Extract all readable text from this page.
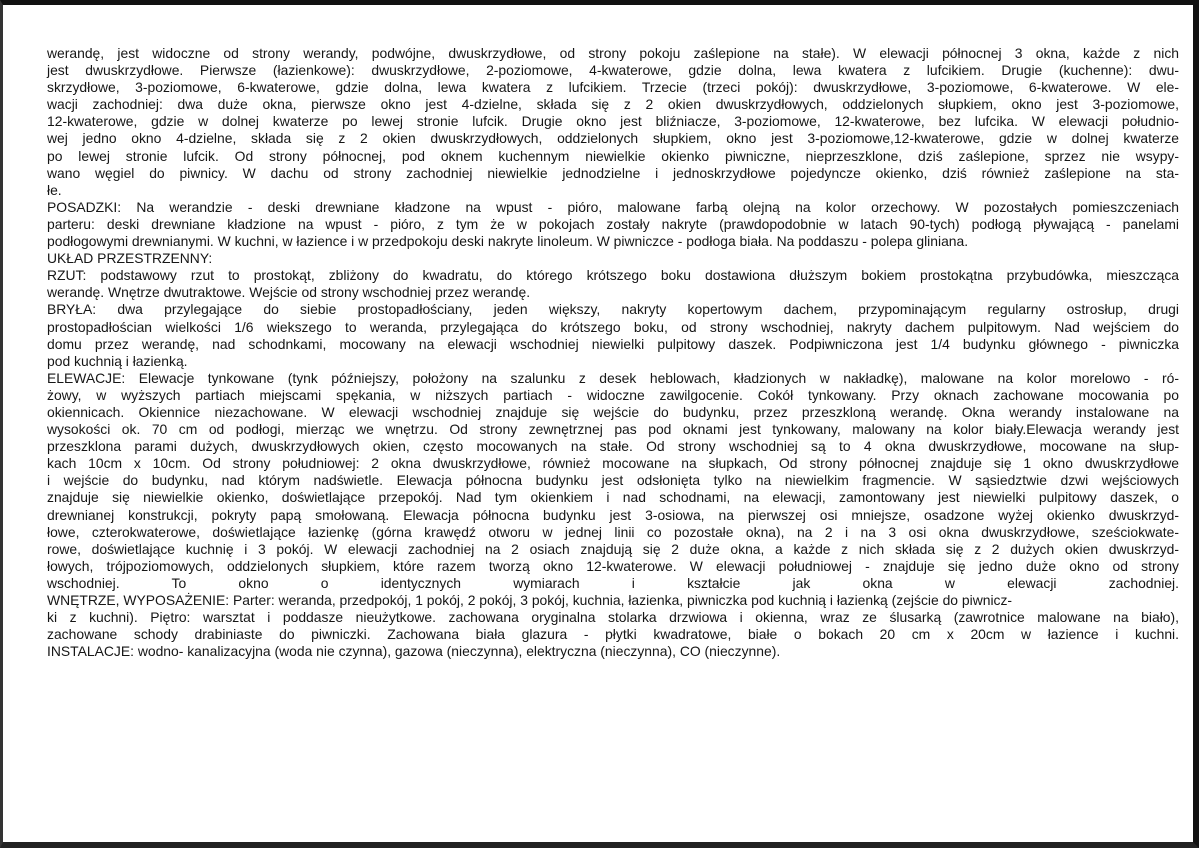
werandę, jest widoczne od strony werandy, podwójne, dwuskrzydłowe, od strony pokoju zaślepione na stałe). W elewacji północnej 3 okna, każde z nich
jest dwuskrzydłowe. Pierwsze (łazienkowe): dwuskrzydłowe, 2-poziomowe, 4-kwaterowe, gdzie dolna, lewa kwatera z lufcikiem. Drugie (kuchenne): dwu-
skrzydłowe, 3-poziomowe, 6-kwaterowe, gdzie dolna, lewa kwatera z lufcikiem. Trzecie (trzeci pokój): dwuskrzydłowe, 3-poziomowe, 6-kwaterowe. W ele-
wacji zachodniej: dwa duże okna, pierwsze okno jest 4-dzielne, składa się z 2 okien dwuskrzydłowych, oddzielonych słupkiem, okno jest 3-poziomowe,
12-kwaterowe, gdzie w dolnej kwaterze po lewej stronie lufcik. Drugie okno jest bliźniacze, 3-poziomowe, 12-kwaterowe, bez lufcika. W elewacji południo-
wej jedno okno 4-dzielne, składa się z 2 okien dwuskrzydłowych, oddzielonych słupkiem, okno jest 3-poziomowe,12-kwaterowe, gdzie w dolnej kwaterze
po lewej stronie lufcik. Od strony północnej, pod oknem kuchennym niewielkie okienko piwniczne, nieprzeszklone, dziś zaślepione, sprzez nie wsypy-
wano węgiel do piwnicy. W dachu od strony zachodniej niewielkie jednodzielne i jednoskrzydłowe pojedyncze okienko, dziś również zaślepione na sta-
łe.
POSADZKI: Na werandzie - deski drewniane kładzone na wpust - pióro, malowane farbą olejną na kolor orzechowy. W pozostałych pomieszczeniach
parteru: deski drewniane kładzione na wpust - pióro, z tym że w pokojach zostały nakryte (prawdopodobnie w latach 90-tych) podłogą pływającą - panelami
podłogowymi drewnianymi. W kuchni, w łazience i w przedpokoju deski nakryte linoleum. W piwniczce - podłoga biała. Na poddaszu - polepa gliniana.
UKŁAD PRZESTRZENNY:
RZUT: podstawowy rzut to prostokąt, zbliżony do kwadratu, do którego krótszego boku dostawiona dłuższym bokiem prostokątna przybudówka, mieszcząca
werandę. Wnętrze dwutraktowe. Wejście od strony wschodniej przez werandę.
BRYŁA: dwa przylegające do siebie prostopadłościany, jeden większy, nakryty kopertowym dachem, przypominającym regularny ostrosłup, drugi
prostopadłościan wielkości 1/6 wiekszego to weranda, przylegająca do krótszego boku, od strony wschodniej, nakryty dachem pulpitowym. Nad wejściem do
domu przez werandę, nad schodnkami, mocowany na elewacji wschodniej niewielki pulpitowy daszek. Podpiwniczona jest 1/4 budynku głównego - piwniczka
pod kuchnią i łazienką.
ELEWACJE: Elewacje tynkowane (tynk późniejszy, położony na szalunku z desek heblowach, kładzionych w nakładkę), malowane na kolor morelowo - ró-
żowy, w wyższych partiach miejscami spękania, w niższych partiach - widoczne zawilgocenie. Cokół tynkowany. Przy oknach zachowane mocowania po
okiennicach. Okiennice niezachowane. W elewacji wschodniej znajduje się wejście do budynku, przez przeszkloną werandę. Okna werandy instalowane na
wysokości ok. 70 cm od podłogi, mierząc we wnętrzu. Od strony zewnętrznej pas pod oknami jest tynkowany, malowany na kolor biały.Elewacja werandy jest
przeszklona parami dużych, dwuskrzydłowych okien, często mocowanych na stałe. Od strony wschodniej są to 4 okna dwuskrzydłowe, mocowane na słup-
kach 10cm x 10cm. Od strony południowej: 2 okna dwuskrzydłowe, również mocowane na słupkach, Od strony północnej znajduje się 1 okno dwuskrzydłowe
i wejście do budynku, nad którym nadświetle. Elewacja północna budynku jest odsłonięta tylko na niewielkim fragmencie. W sąsiedztwie dzwi wejściowych
znajduje się niewielkie okienko, doświetlające przepokój. Nad tym okienkiem i nad schodnami, na elewacji, zamontowany jest niewielki pulpitowy daszek, o
drewnianej konstrukcji, pokryty papą smołowaną. Elewacja północna budynku jest 3-osiowa, na pierwszej osi mniejsze, osadzone wyżej okienko dwuskrzyd-
łowe, czterokwaterowe, doświetlające łazienkę (górna krawędź otworu w jednej linii co pozostałe okna), na 2 i na 3 osi okna dwuskrzydłowe, sześciokwate-
rowe, doświetlające kuchnię i 3 pokój. W elewacji zachodniej na 2 osiach znajdują się 2 duże okna, a każde z nich składa się z 2 dużych okien dwuskrzyd-
łowych, trójpoziomowych, oddzielonych słupkiem, które razem tworzą okno 12-kwaterowe. W elewacji południowej - znajduje się jedno duże okno od strony
wschodniej. To okno o identycznych wymiarach i kształcie jak okna w elewacji zachodniej.
WNĘTRZE, WYPOSAŻENIE: Parter: weranda, przedpokój, 1 pokój, 2 pokój, 3 pokój, kuchnia, łazienka, piwniczka pod kuchnią i łazienką (zejście do piwnicz-
ki z kuchni). Piętro: warsztat i poddasze nieużytkowe. zachowana oryginalna stolarka drzwiowa i okienna, wraz ze ślusarką (zawrotnice malowane na biało),
zachowane schody drabiniaste do piwniczki. Zachowana biała glazura - płytki kwadratowe, białe o bokach 20 cm x 20cm w łazience i kuchni.
INSTALACJE: wodno- kanalizacyjna (woda nie czynna), gazowa (nieczynna), elektryczna (nieczynna), CO (nieczynne).
